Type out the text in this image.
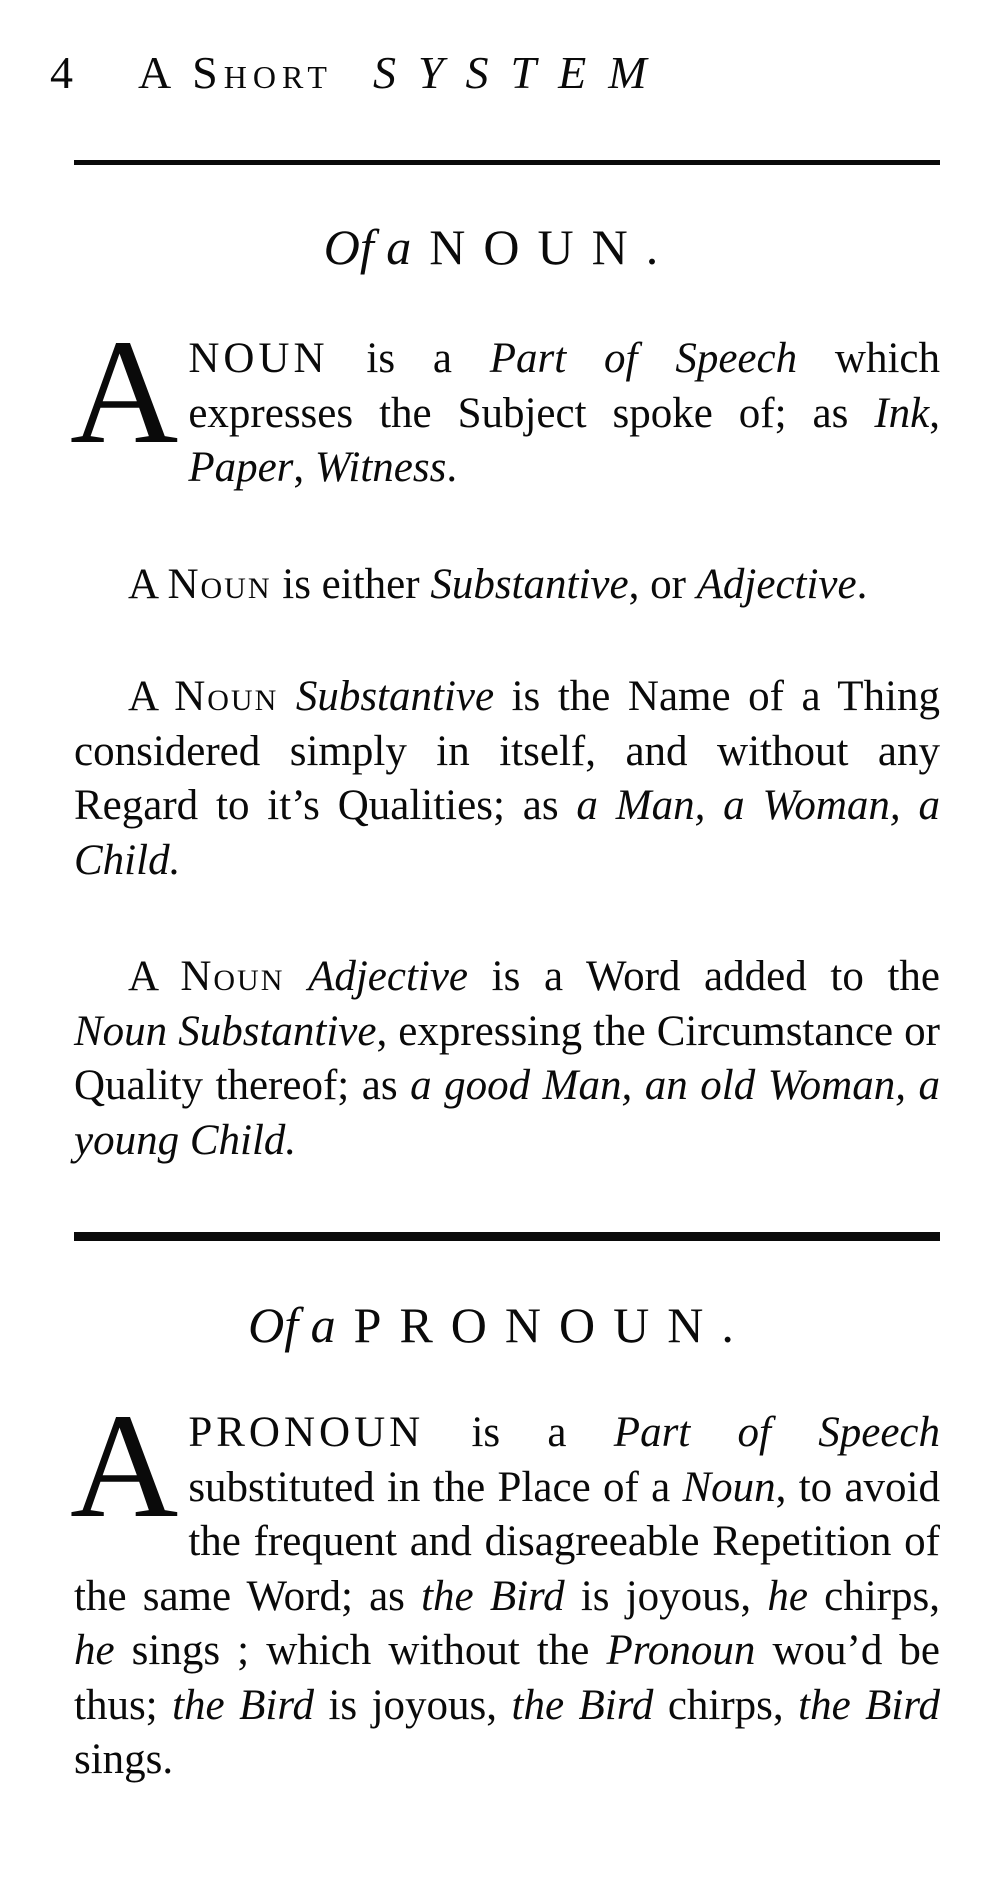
4 A Short SYSTEM
Of a NOUN.

ANOUN is a Part of Speech which expresses the Subject spoke of; as Ink, Paper, Witness.

A Noun is either Substantive, or Adjective.

A Noun Substantive is the Name of a Thing considered simply in itself, and without any Regard to it’s Qualities; as a Man, a Woman, a Child.

A Noun Adjective is a Word added to the Noun Substantive, expressing the Circumstance or Quality thereof; as a good Man, an old Woman, a young Child.

Of a PRONOUN.

APRONOUN is a Part of Speech substituted in the Place of a Noun, to avoid the frequent and disagreeable Repetition of the same Word; as the Bird is joyous, he chirps, he sings ; which without the Pronoun wou’d be thus; the Bird is joyous, the Bird chirps, the Bird sings.
